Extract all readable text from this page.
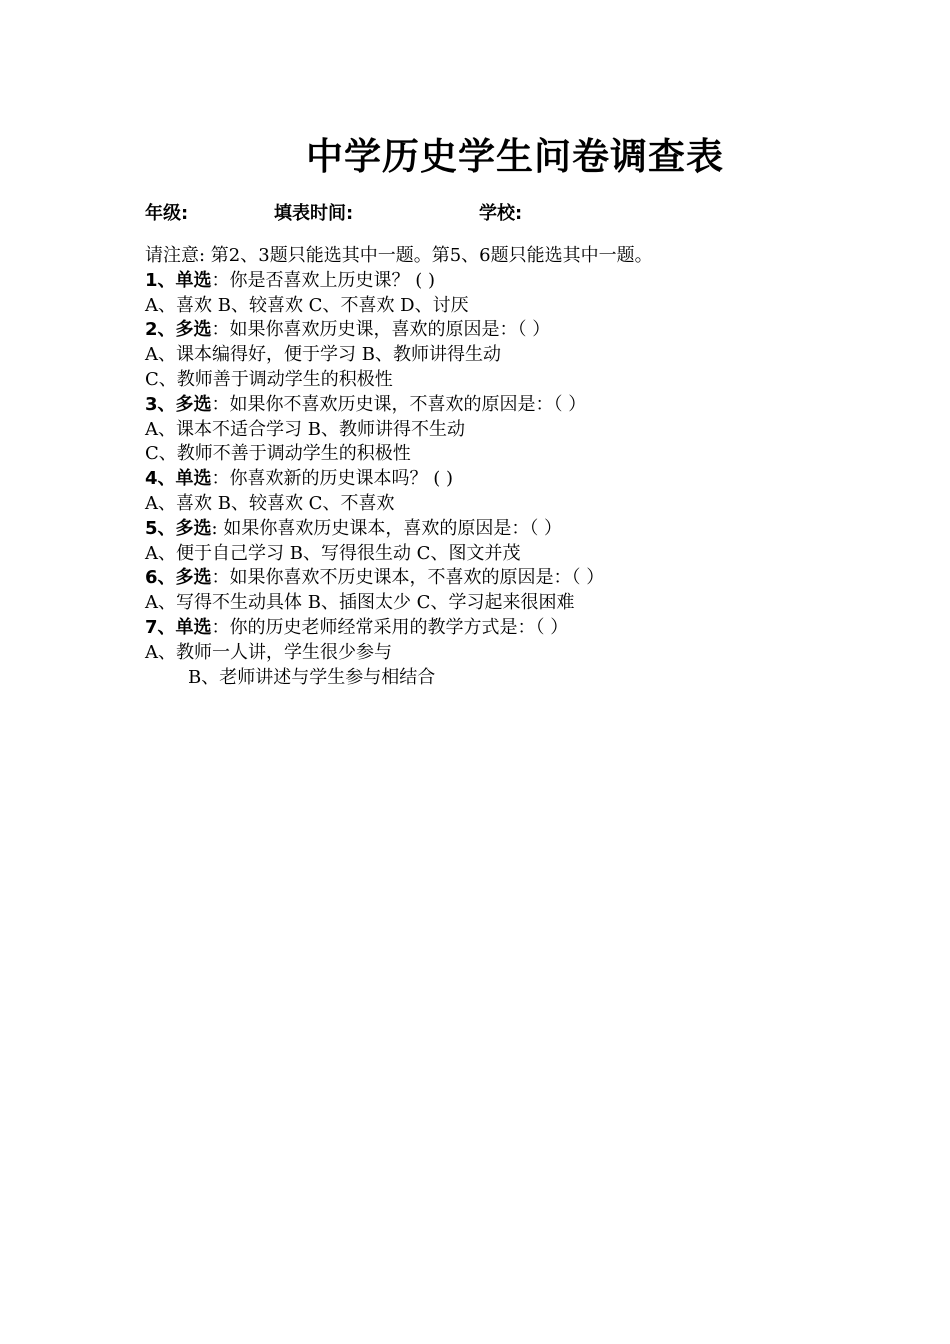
中学历史学生问卷调查表
年级:	填表时间:	学校:
请注意: 第2、3题只能选其中一题。第5、6题只能选其中一题。
1、单选：你是否喜欢上历史课？ ( )
A、喜欢 B、较喜欢 C、不喜欢 D、讨厌
2、多选：如果你喜欢历史课，喜欢的原因是：（ ）
A、课本编得好，便于学习 B、教师讲得生动
C、教师善于调动学生的积极性
3、多选：如果你不喜欢历史课，不喜欢的原因是：（ ）
A、课本不适合学习 B、教师讲得不生动
C、教师不善于调动学生的积极性
4、单选：你喜欢新的历史课本吗？ ( )
A、喜欢 B、较喜欢 C、不喜欢
5、多选: 如果你喜欢历史课本，喜欢的原因是：（ ）
A、便于自己学习 B、写得很生动 C、图文并茂
6、多选：如果你喜欢不历史课本，不喜欢的原因是：（ ）
A、写得不生动具体 B、插图太少 C、学习起来很困难
7、单选：你的历史老师经常采用的教学方式是：（ ）
A、教师一人讲，学生很少参与
B、老师讲述与学生参与相结合
